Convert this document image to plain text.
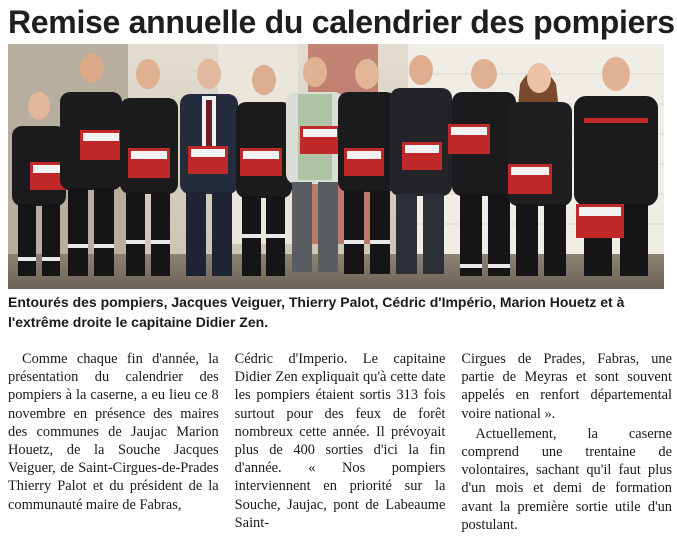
Remise annuelle du calendrier des pompiers
Entourés des pompiers, Jacques Veiguer, Thierry Palot, Cédric d'Império, Marion Houetz et à l'extrême droite le capitaine Didier Zen.

Comme chaque fin d'année, la présentation du calendrier des pompiers à la caserne, a eu lieu ce 8 novembre en présence des maires des communes de Jaujac Marion Houetz, de la Souche Jacques Veiguer, de Saint-Cirgues-de-Prades Thierry Palot et du président de la communauté maire de Fabras,

Cédric d'Imperio. Le capitaine Didier Zen expliquait qu'à cette date les pompiers étaient sortis 313 fois surtout pour des feux de forêt nombreux cette année. Il prévoyait plus de 400 sorties d'ici la fin d'année. « Nos pompiers interviennent en priorité sur la Souche, Jaujac, pont de Labeaume Saint-

Cirgues de Prades, Fabras, une partie de Meyras et sont souvent appelés en renfort départemental voire national ».

Actuellement, la caserne comprend une trentaine de volontaires, sachant qu'il faut plus d'un mois et demi de formation avant la première sortie utile d'un postulant.
